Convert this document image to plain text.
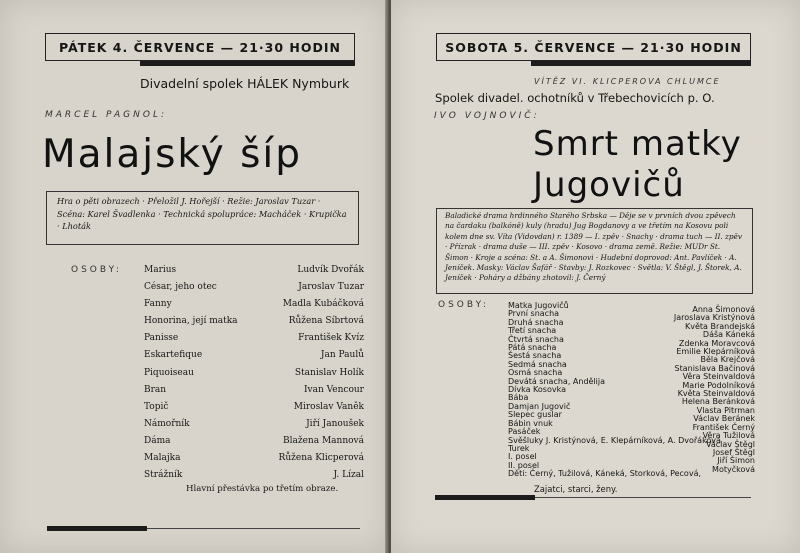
PÁTEK 4. ČERVENCE — 21·30 HODIN
Divadelní spolek HÁLEK Nymburk
MARCEL PAGNOL:
Malajský šíp
Hra o pěti obrazech · Přeložil J. Hořejší · Režie: Jaroslav Tuzar · Scéna: Karel Švadlenka · Technická spolupráce: Macháček · Krupička · Lhoták
OSOBY: Marius
César, jeho otec
Fanny
Honorina, její matka
Panisse
Eskartefique
Piquoiseau
Bran
Topič
Námořník
Dáma
Malajka
Strážník
Ludvík Dvořák
Jaroslav Tuzar
Madla Kubáčková
Růžena Síbrtová
František Kvíz
Jan Paulů
Stanislav Holík
Ivan Vencour
Miroslav Vaněk
Jiří Janoušek
Blažena Mannová
Růžena Klicperová
J. Lízal
Hlavní přestávka po třetím obraze.
SOBOTA 5. ČERVENCE — 21·30 HODIN
VÍTĚZ VI. KLICPEROVA CHLUMCE
Spolek divadel. ochotníků v Třebechovicích p. O.
IVO VOJNOVIČ:
Smrt matky
Jugovičů
Baladické drama hrdinného Starého Srbska — Děje se v prvních dvou zpěvech na čardaku (balkóně) kuly (hradu) Jug Bogdanovy a ve třetím na Kosovu poli kolem dne sv. Víta (Vidovdan) r. 1389 — I. zpěv · Snachy · drama tuch — II. zpěv · Přízrak · drama duše — III. zpěv · Kosovo · drama země. Režie: MUDr St. Šimon · Kroje a scéna: St. a A. Šimonovi · Hudební doprovod: Ant. Pavlíček · A. Jeníček. Masky: Václav Šafář · Stavby: J. Rozkovec · Světla: V. Štěgl, J. Štorek, A. Jeníček · Poháry a džbány zhotovil: J. Černý
OSOBY: Matka Jugovičů
První snacha
Druhá snacha
Třetí snacha
Čtvrtá snacha
Pátá snacha
Šestá snacha
Sedmá snacha
Osmá snacha
Devátá snacha, Andělija
Dívka Kosovka
Bába
Damjan Jugovič
Slepec guslar
Bábin vnuk
Pasáček
Svěšluky J. Kristýnová, E. Klepárníková, A. Dvořáková
Turek
I. posel
II. posel
Děti: Černý, Tužilová, Káneká, Storková, Pecová,
Anna Šimonová
Jaroslava Kristýnová
Květa Brandejská
Dáša Káneká
Zdenka Moravcová
Emilie Klepárníková
Běla Krejčová
Stanislava Bačinová
Věra Steinvaldová
Marie Podolníková
Květa Steinvaldová
Helena Beránková
Vlasta Pitrman
Václav Beránek
František Černý
Věra Tužilová
Václav Štěgl
Josef Štěgl
Jiří Šimon
Motyčková
Zajatci, starci, ženy.
